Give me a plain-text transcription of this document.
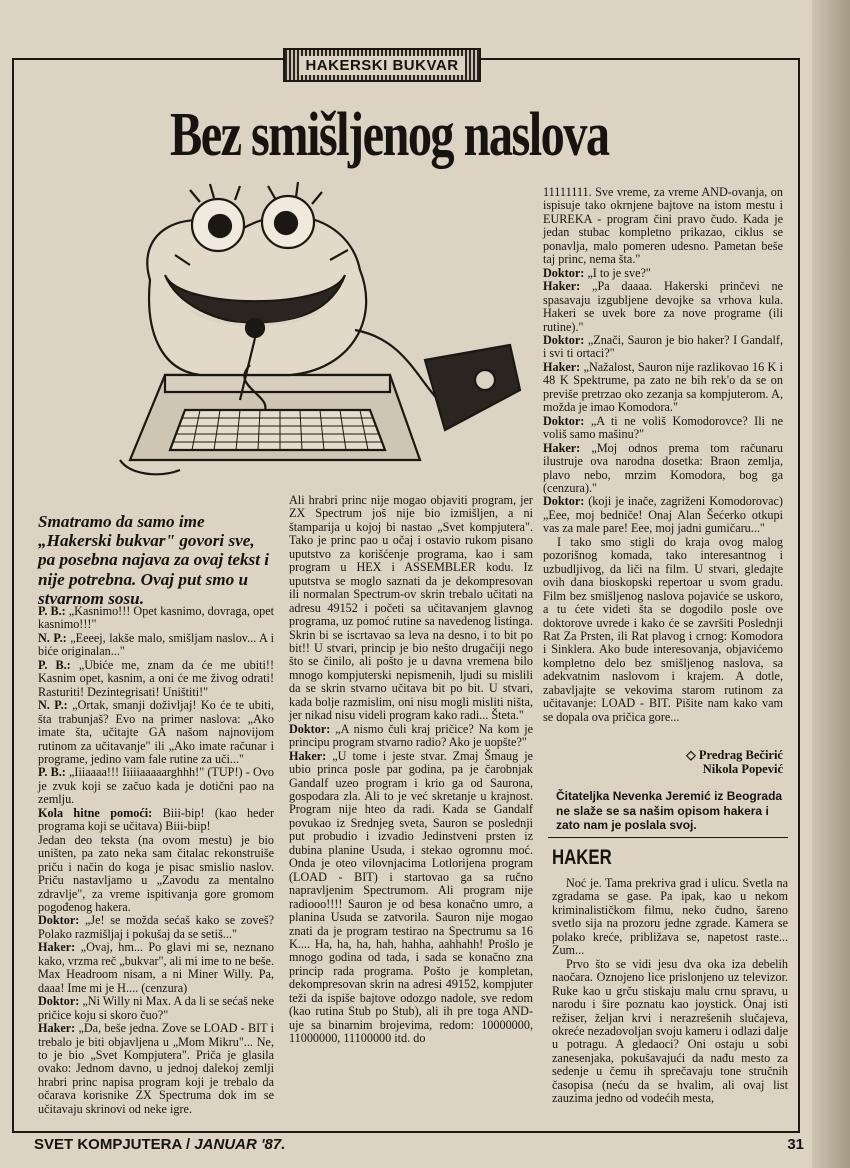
HAKERSKI BUKVAR
Bez smišljenog naslova
Smatramo da samo ime „Hakerski bukvar" govori sve, pa posebna najava za ovaj tekst i nije potrebna. Ovaj put smo u stvarnom sosu.

P. B.: „Kasnimo!!! Opet kasnimo, dovraga, opet kasnimo!!!"

N. P.: „Eeeej, lakše malo, smišljam naslov... A i biće originalan..."

P. B.: „Ubiće me, znam da će me ubiti!! Kasnim opet, kasnim, a oni će me živog odrati! Rasturiti! Dezintegrisati! Uništiti!"

N. P.: „Ortak, smanji doživljaj! Ko će te ubiti, šta trabunjaš? Evo na primer naslova: „Ako imate šta, učitajte GA našom najnovijom rutinom za učitavanje" ili „Ako imate računar i programe, jedino vam fale rutine za uči..."

P. B.: „Iiiaaaa!!! Iiiiiaaaaarghhh!" (TUP!) - Ovo je zvuk koji se začuo kada je dotični pao na zemlju.

Kola hitne pomoći: Biii-bip! (kao heder programa koji se učitava) Biii-biip!

Jedan deo teksta (na ovom mestu) je bio uništen, pa zato neka sam čitalac rekonstruiše priču i način do koga je pisac smislio naslov. Priču nastavljamo u „Zavodu za mentalno zdravlje", za vreme ispitivanja gore gromom pogođenog hakera.

Doktor: „Je! se možda sećaš kako se zoveš? Polako razmišljaj i pokušaj da se setiš..."

Haker: „Ovaj, hm... Po glavi mi se, neznano kako, vrzma reč „bukvar", ali mi ime to ne beše. Max Headroom nisam, a ni Miner Willy. Pa, daaa! Ime mi je H.... (cenzura)

Doktor: „Ni Willy ni Max. A da li se sećaš neke pričice koju si skoro čuo?"

Haker: „Da, beše jedna. Zove se LOAD - BIT i trebalo je biti objavljena u „Mom Mikru"... Ne, to je bio „Svet Kompjutera". Priča je glasila ovako: Jednom davno, u jednoj dalekoj zemlji hrabri princ napisa program koji je trebalo da očarava korisnike ZX Spectruma dok im se učitavaju skrinovi od neke igre.

Ali hrabri princ nije mogao objaviti program, jer ZX Spectrum još nije bio izmišljen, a ni štamparija u kojoj bi nastao „Svet kompjutera". Tako je princ pao u očaj i ostavio rukom pisano uputstvo za korišćenje programa, kao i sam program u HEX i ASSEMBLER kodu. Iz uputstva se moglo saznati da je dekompresovan ili normalan Spectrum-ov skrin trebalo učitati na adresu 49152 i početi sa učitavanjem glavnog programa, uz pomoć rutine sa navedenog listinga. Skrin bi se iscrtavao sa leva na desno, i to bit po bit!! U stvari, princip je bio nešto drugačiji nego što se činilo, ali pošto je u davna vremena bilo mnogo kompjuterski nepismenih, ljudi su mislili da se skrin stvarno učitava bit po bit. U stvari, kada bolje razmislim, oni nisu mogli misliti ništa, jer nikad nisu videli program kako radi... Šteta."

Doktor: „A nismo čuli kraj pričice? Na kom je principu program stvarno radio? Ako je uopšte?"

Haker: „U tome i jeste stvar. Zmaj Šmaug je ubio princa posle par godina, pa je čarobnjak Gandalf uzeo program i krio ga od Saurona, gospodara zla. Ali to je već skretanje u krajnost. Program nije hteo da radi. Kada se Gandalf povukao iz Srednjeg sveta, Sauron se poslednji put probudio i izvadio Jedinstveni prsten iz dubina planine Usuda, i stekao ogromnu moć. Onda je oteo vilovnjacima Lotlorijena program (LOAD - BIT) i startovao ga sa ručno napravljenim Spectrumom. Ali program nije radiooo!!!! Sauron je od besa konačno umro, a planina Usuda se zatvorila. Sauron nije mogao znati da je program testirao na Spectrumu sa 16 K.... Ha, ha, ha, hah, hahha, aahhahh! Prošlo je mnogo godina od tada, i sada se konačno zna princip rada programa. Pošto je kompletan, dekompresovan skrin na adresi 49152, kompjuter teži da ispiše bajtove odozgo nadole, sve redom (kao rutina Stub po Stub), ali ih pre toga AND-uje sa binarnim brojevima, redom: 10000000, 11000000, 11100000 itd. do

11111111. Sve vreme, za vreme AND-ovanja, on ispisuje tako okrnjene bajtove na istom mestu i EUREKA - program čini pravo čudo. Kada je jedan stubac kompletno prikazao, ciklus se ponavlja, malo pomeren udesno. Pametan beše taj princ, nema šta."

Doktor: „I to je sve?"

Haker: „Pa daaaa. Hakerski prinčevi ne spasavaju izgubljene devojke sa vrhova kula. Hakeri se uvek bore za nove programe (ili rutine)."

Doktor: „Znači, Sauron je bio haker? I Gandalf, i svi ti ortaci?"

Haker: „Nažalost, Sauron nije razlikovao 16 K i 48 K Spektrume, pa zato ne bih rek'o da se on previše pretrzao oko zezanja sa kompjuterom. A, možda je imao Komodora."

Doktor: „A ti ne voliš Komodorovce? Ili ne voliš samo mašinu?"

Haker: „Moj odnos prema tom računaru ilustruje ova narodna dosetka: Braon zemlja, plavo nebo, mrzim Komodora, bog ga (cenzura)."

Doktor: (koji je inače, zagriženi Komodorovac) „Eee, moj bedniče! Onaj Alan Šećerko otkupi vas za male pare! Eee, moj jadni gumičaru..."

I tako smo stigli do kraja ovog malog pozorišnog komada, tako interesantnog i uzbudljivog, da liči na film. U stvari, gledajte ovih dana bioskopski repertoar u svom gradu. Film bez smišljenog naslova pojaviće se uskoro, a tu ćete videti šta se dogodilo posle ove doktorove uvrede i kako će se završiti Poslednji Rat Za Prsten, ili Rat plavog i crnog: Komodora i Sinklera. Ako bude interesovanja, objavićemo kompletno delo bez smišljenog naslova, sa adekvatnim naslovom i krajem. A dotle, zabavljajte se vekovima starom rutinom za učitavanje: LOAD - BIT. Pišite nam kako vam se dopala ova pričica gore...

◇ Predrag Bečirić
Nikola Popević
Čitateljka Nevenka Jeremić iz Beograda ne slaže se sa našim opisom hakera i zato nam je poslala svoj.
HAKER

Noć je. Tama prekriva grad i ulicu. Svetla na zgradama se gase. Pa ipak, kao u nekom kriminalističkom filmu, neko čudno, šareno svetlo sija na prozoru jedne zgrade. Kamera se polako kreće, približava se, napetost raste... Zum...

Prvo što se vidi jesu dva oka iza debelih naočara. Oznojeno lice prislonjeno uz televizor. Ruke kao u grču stiskaju malu crnu spravu, u narodu i šire poznatu kao joystick. Onaj isti režiser, željan krvi i nerazrešenih slučajeva, okreće nezadovoljan svoju kameru i odlazi dalje u potragu. A gledaoci? Oni ostaju u sobi zanesenjaka, pokušavajući da nađu mesto za sedenje u čemu ih sprečavaju tone stručnih časopisa (neću da se hvalim, ali ovaj list zauzima jedno od vodećih mesta,

SVET KOMPJUTERA / JANUAR '87.	31
